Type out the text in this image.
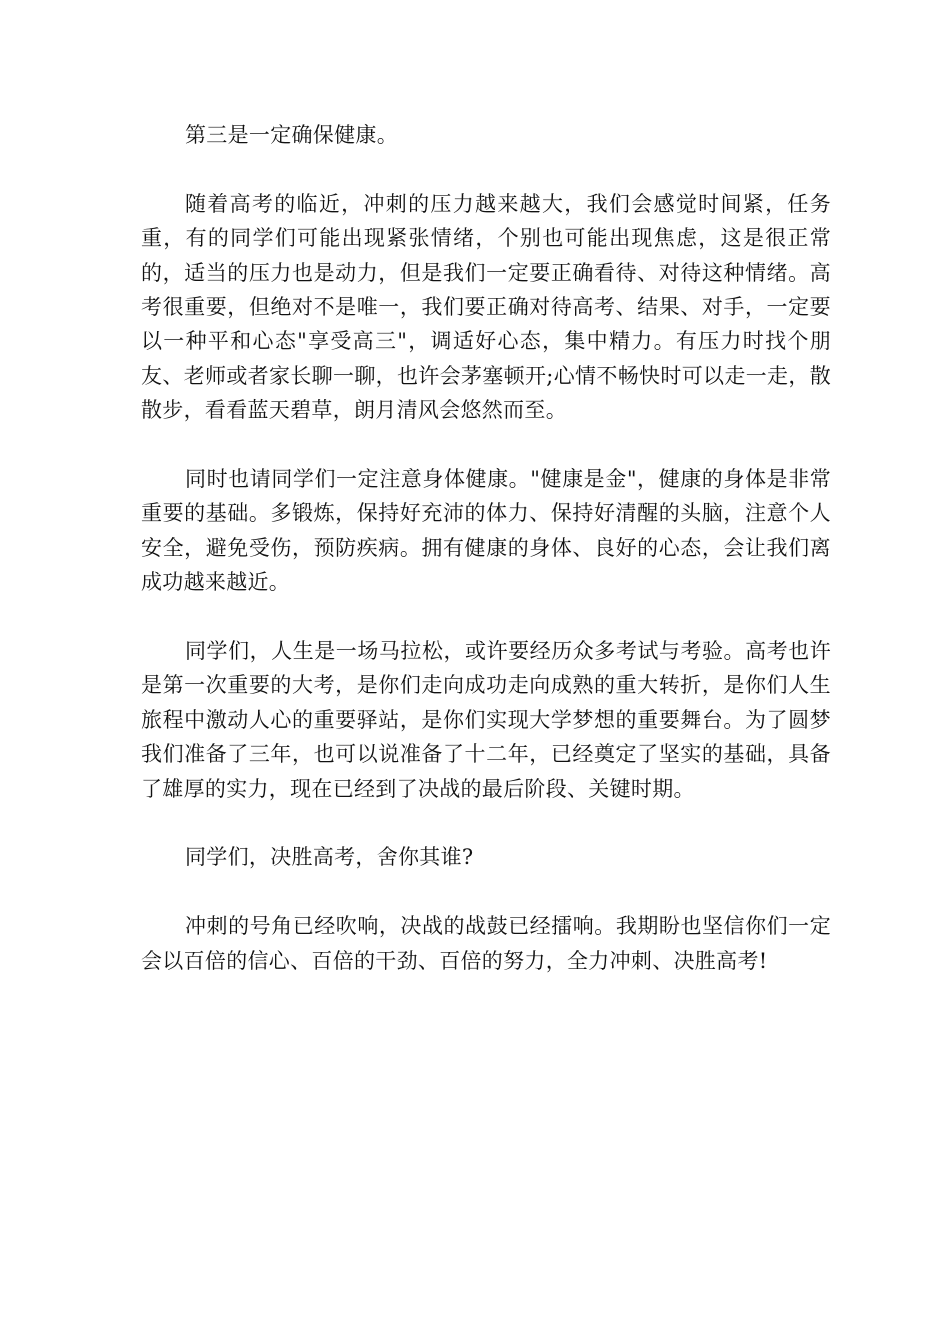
第三是一定确保健康。

随着高考的临近，冲刺的压力越来越大，我们会感觉时间紧，任务重，有的同学们可能出现紧张情绪，个别也可能出现焦虑，这是很正常的，适当的压力也是动力，但是我们一定要正确看待、对待这种情绪。高考很重要，但绝对不是唯一，我们要正确对待高考、结果、对手，一定要以一种平和心态"享受高三"，调适好心态，集中精力。有压力时找个朋友、老师或者家长聊一聊，也许会茅塞顿开;心情不畅快时可以走一走，散散步，看看蓝天碧草，朗月清风会悠然而至。

同时也请同学们一定注意身体健康。"健康是金"，健康的身体是非常重要的基础。多锻炼，保持好充沛的体力、保持好清醒的头脑，注意个人安全，避免受伤，预防疾病。拥有健康的身体、良好的心态，会让我们离成功越来越近。

同学们，人生是一场马拉松，或许要经历众多考试与考验。高考也许是第一次重要的大考，是你们走向成功走向成熟的重大转折，是你们人生旅程中激动人心的重要驿站，是你们实现大学梦想的重要舞台。为了圆梦我们准备了三年，也可以说准备了十二年，已经奠定了坚实的基础，具备了雄厚的实力，现在已经到了决战的最后阶段、关键时期。

同学们，决胜高考，舍你其谁?

冲刺的号角已经吹响，决战的战鼓已经擂响。我期盼也坚信你们一定会以百倍的信心、百倍的干劲、百倍的努力，全力冲刺、决胜高考!
